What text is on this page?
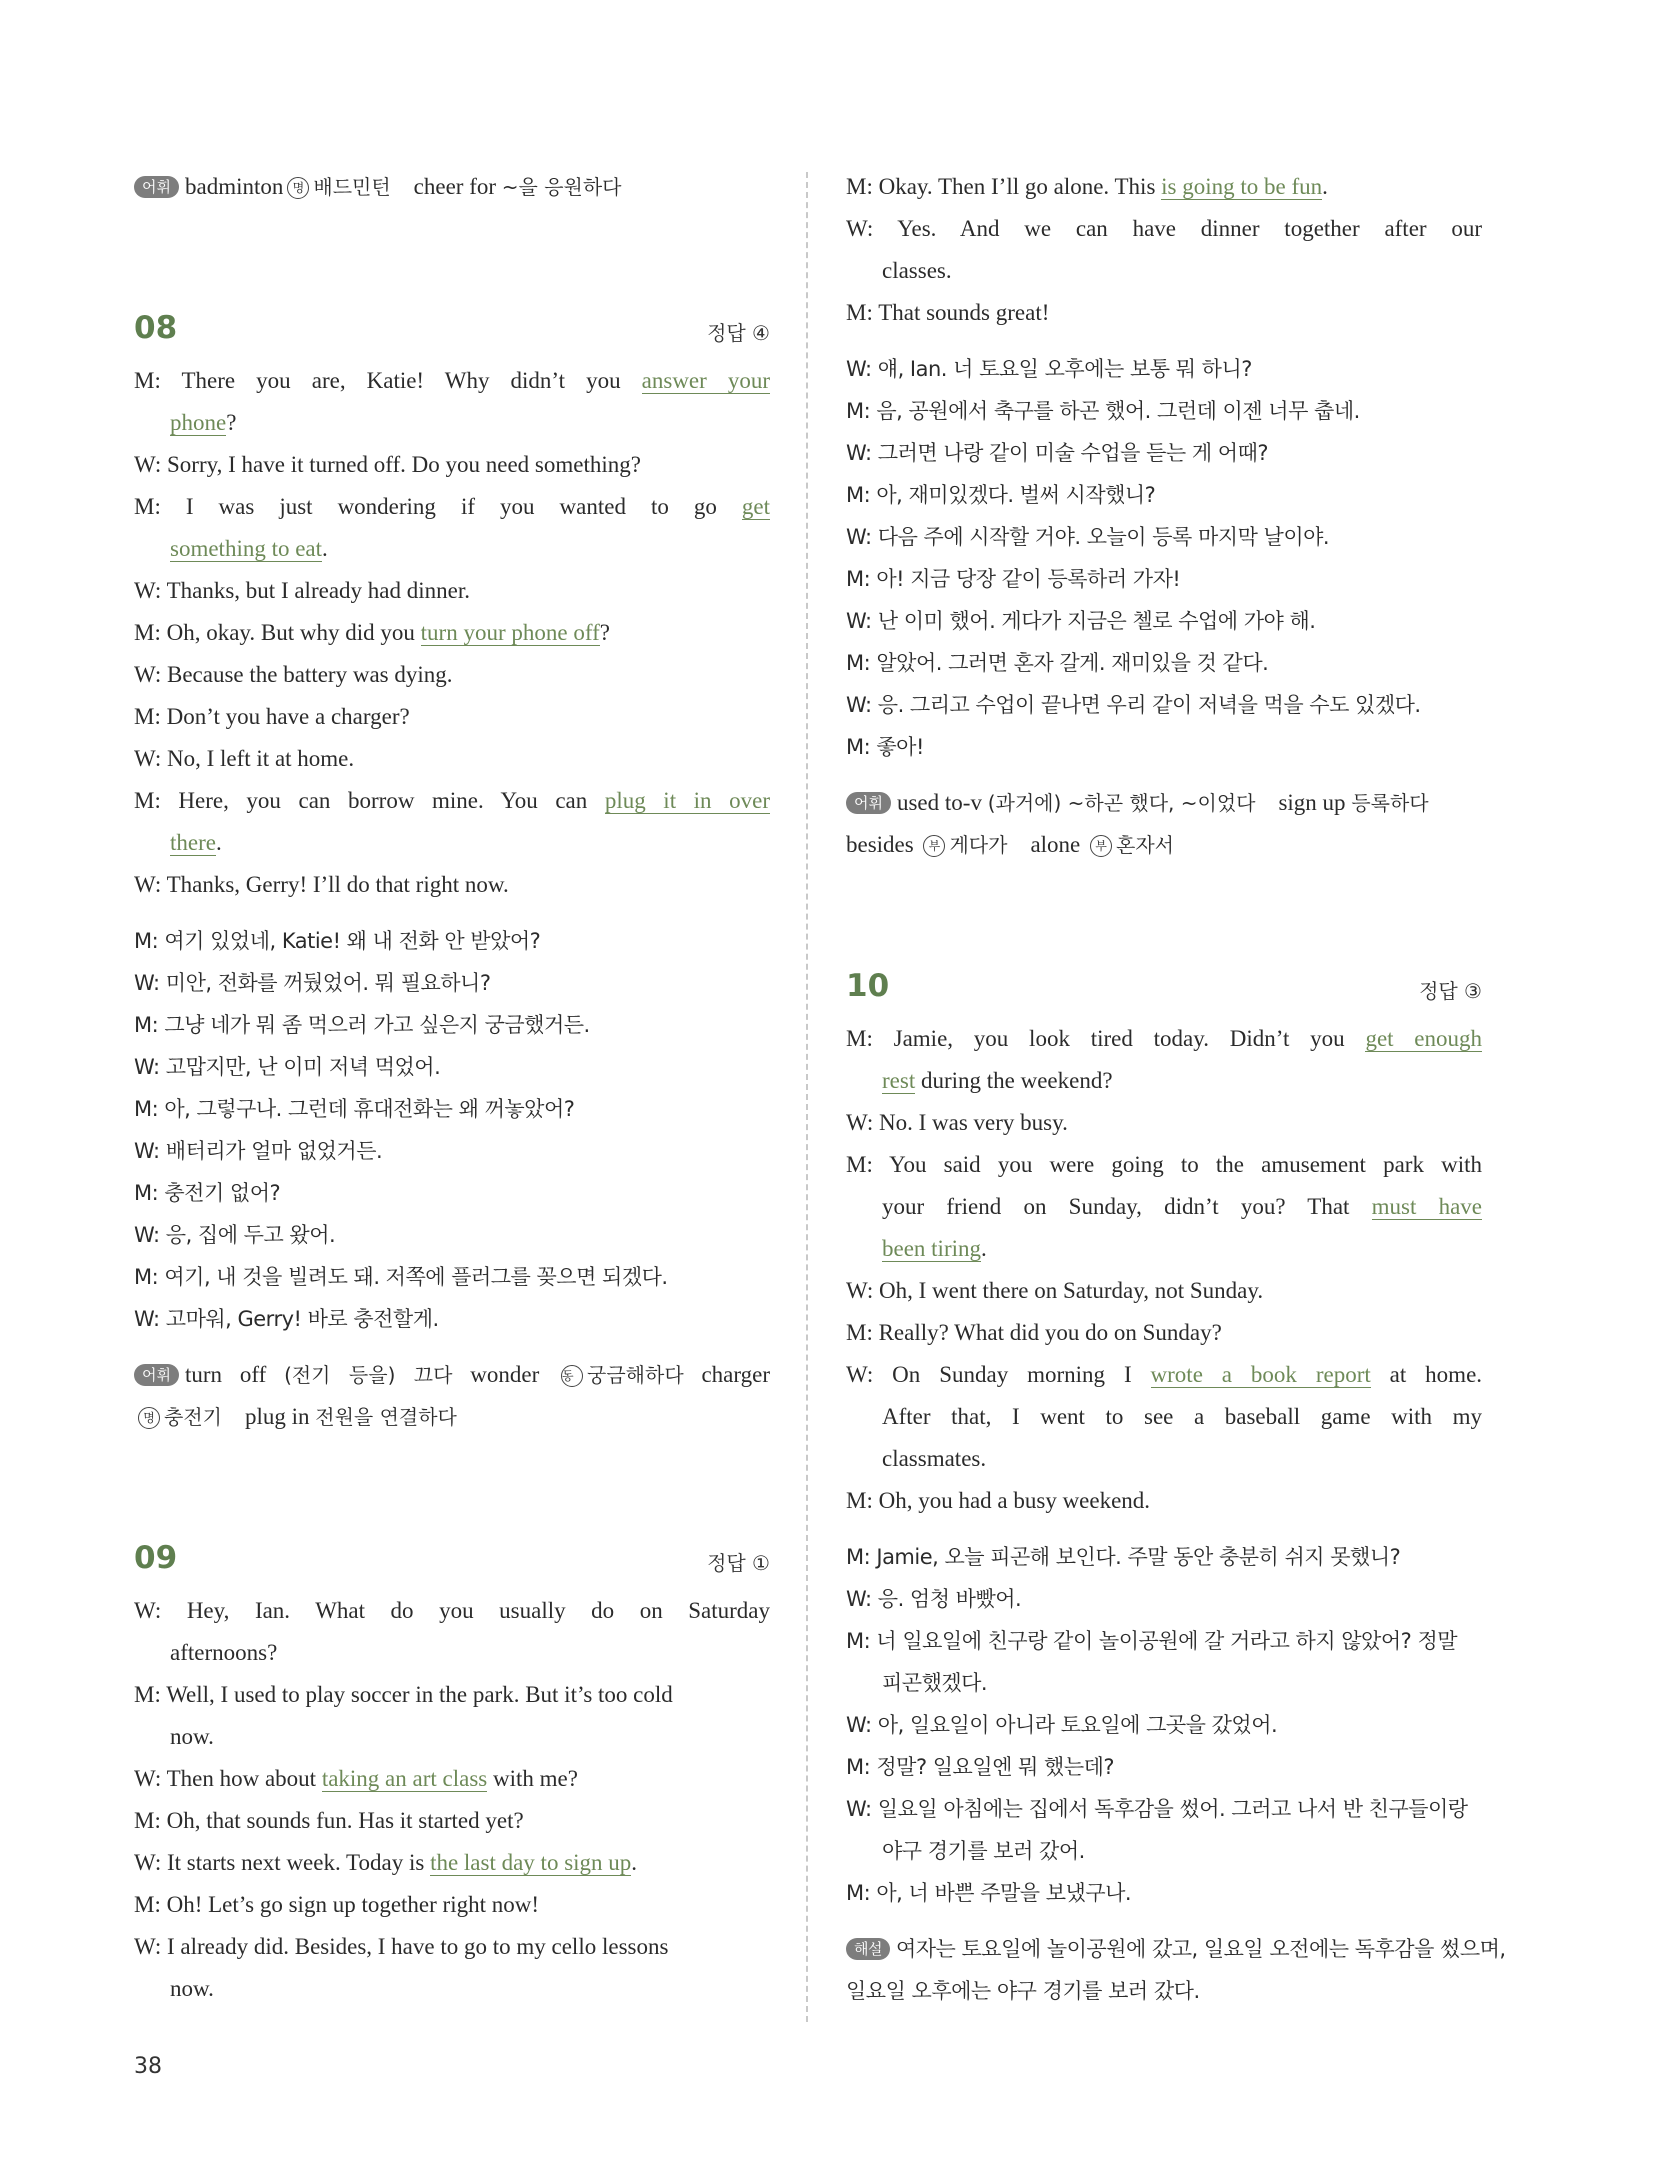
어휘 badminton 명 배드민턴 cheer for ~을 응원하다
08	정답 ④
M: There you are, Katie! Why didn’t you answer your
phone?
W: Sorry, I have it turned off. Do you need something?
M: I was just wondering if you wanted to go get
something to eat.
W: Thanks, but I already had dinner.
M: Oh, okay. But why did you turn your phone off?
W: Because the battery was dying.
M: Don’t you have a charger?
W: No, I left it at home.
M: Here, you can borrow mine. You can plug it in over
there.
W: Thanks, Gerry! I’ll do that right now.
M: 여기 있었네, Katie! 왜 내 전화 안 받았어?
W: 미안, 전화를 꺼뒀었어. 뭐 필요하니?
M: 그냥 네가 뭐 좀 먹으러 가고 싶은지 궁금했거든.
W: 고맙지만, 난 이미 저녁 먹었어.
M: 아, 그렇구나. 그런데 휴대전화는 왜 꺼놓았어?
W: 배터리가 얼마 없었거든.
M: 충전기 없어?
W: 응, 집에 두고 왔어.
M: 여기, 내 것을 빌려도 돼. 저쪽에 플러그를 꽂으면 되겠다.
W: 고마워, Gerry! 바로 충전할게.
어휘 turn off (전기 등을) 끄다 wonder 동 궁금해하다 charger
명 충전기 plug in 전원을 연결하다
09	정답 ①
W: Hey, Ian. What do you usually do on Saturday
afternoons?
M: Well, I used to play soccer in the park. But it’s too cold
now.
W: Then how about taking an art class with me?
M: Oh, that sounds fun. Has it started yet?
W: It starts next week. Today is the last day to sign up.
M: Oh! Let’s go sign up together right now!
W: I already did. Besides, I have to go to my cello lessons
now.
M: Okay. Then I’ll go alone. This is going to be fun.
W: Yes. And we can have dinner together after our
classes.
M: That sounds great!
W: 얘, Ian. 너 토요일 오후에는 보통 뭐 하니?
M: 음, 공원에서 축구를 하곤 했어. 그런데 이젠 너무 춥네.
W: 그러면 나랑 같이 미술 수업을 듣는 게 어때?
M: 아, 재미있겠다. 벌써 시작했니?
W: 다음 주에 시작할 거야. 오늘이 등록 마지막 날이야.
M: 아! 지금 당장 같이 등록하러 가자!
W: 난 이미 했어. 게다가 지금은 첼로 수업에 가야 해.
M: 알았어. 그러면 혼자 갈게. 재미있을 것 같다.
W: 응. 그리고 수업이 끝나면 우리 같이 저녁을 먹을 수도 있겠다.
M: 좋아!
어휘 used to-v (과거에) ~하곤 했다, ~이었다 sign up 등록하다
besides 부 게다가 alone 부 혼자서
10	정답 ③
M: Jamie, you look tired today. Didn’t you get enough
rest during the weekend?
W: No. I was very busy.
M: You said you were going to the amusement park with
your friend on Sunday, didn’t you? That must have
been tiring.
W: Oh, I went there on Saturday, not Sunday.
M: Really? What did you do on Sunday?
W: On Sunday morning I wrote a book report at home.
After that, I went to see a baseball game with my
classmates.
M: Oh, you had a busy weekend.
M: Jamie, 오늘 피곤해 보인다. 주말 동안 충분히 쉬지 못했니?
W: 응. 엄청 바빴어.
M: 너 일요일에 친구랑 같이 놀이공원에 갈 거라고 하지 않았어? 정말
피곤했겠다.
W: 아, 일요일이 아니라 토요일에 그곳을 갔었어.
M: 정말? 일요일엔 뭐 했는데?
W: 일요일 아침에는 집에서 독후감을 썼어. 그러고 나서 반 친구들이랑
야구 경기를 보러 갔어.
M: 아, 너 바쁜 주말을 보냈구나.
해설 여자는 토요일에 놀이공원에 갔고, 일요일 오전에는 독후감을 썼으며,
일요일 오후에는 야구 경기를 보러 갔다.
38
